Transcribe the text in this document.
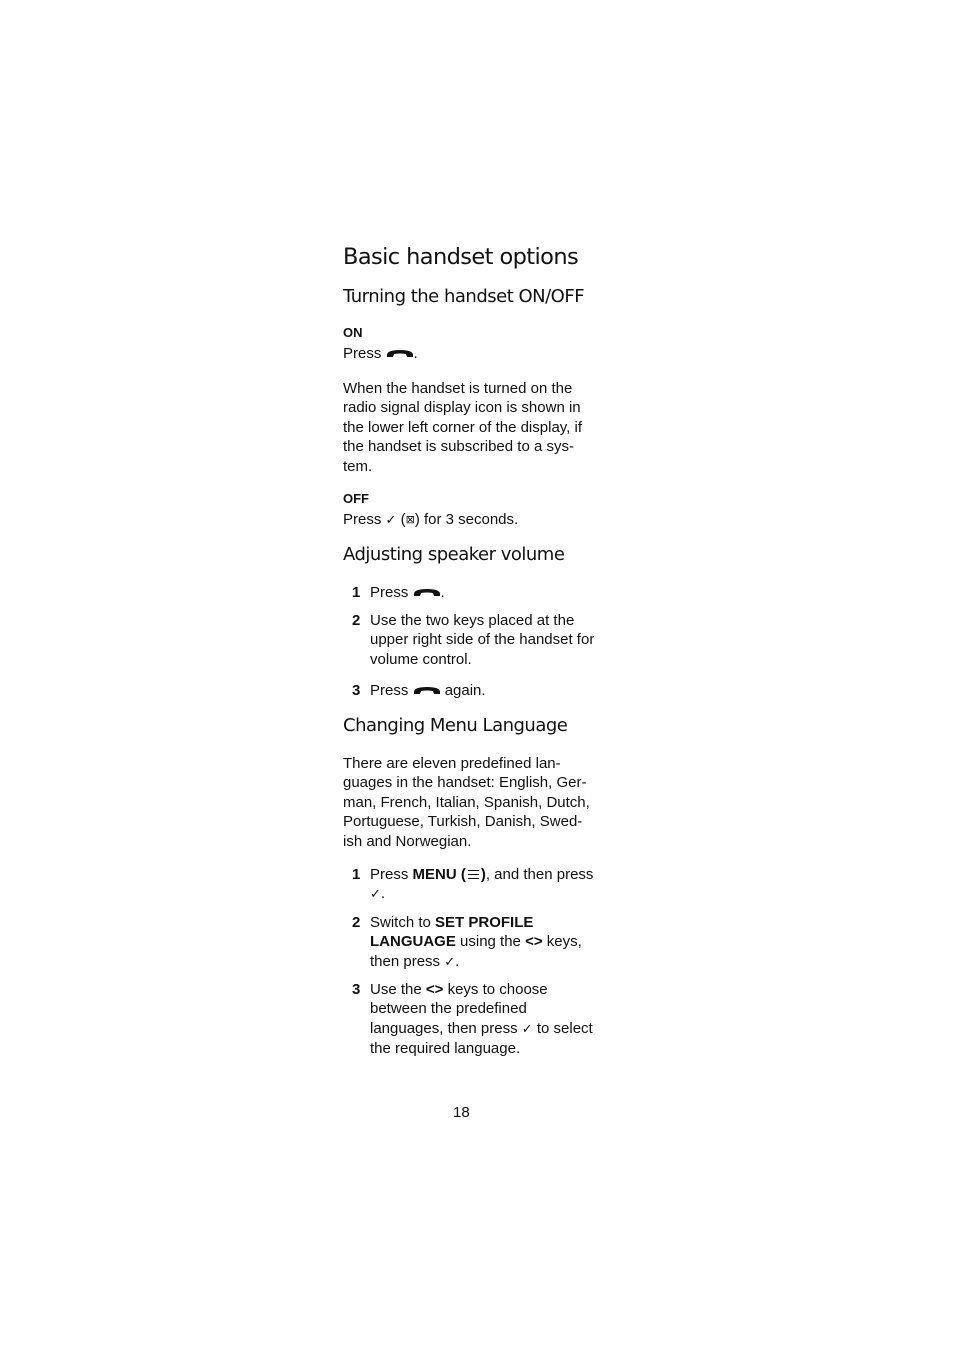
Basic handset options
Turning the handset ON/OFF
ON
Press .
When the handset is turned on the
radio signal display icon is shown in
the lower left corner of the display, if
the handset is subscribed to a sys-
tem.
OFF
Press ✓ (⊠) for 3 seconds.
Adjusting speaker volume
1 Press .
2 Use the two keys placed at the
upper right side of the handset for
volume control.
3 Press again.
Changing Menu Language
There are eleven predefined lan-
guages in the handset: English, Ger-
man, French, Italian, Spanish, Dutch,
Portuguese, Turkish, Danish, Swed-
ish and Norwegian.
1 Press MENU ( ), and then press
✓.
2 Switch to SET PROFILE
LANGUAGE using the <> keys,
then press ✓.
3 Use the <> keys to choose
between the predefined
languages, then press ✓ to select
the required language.
18
